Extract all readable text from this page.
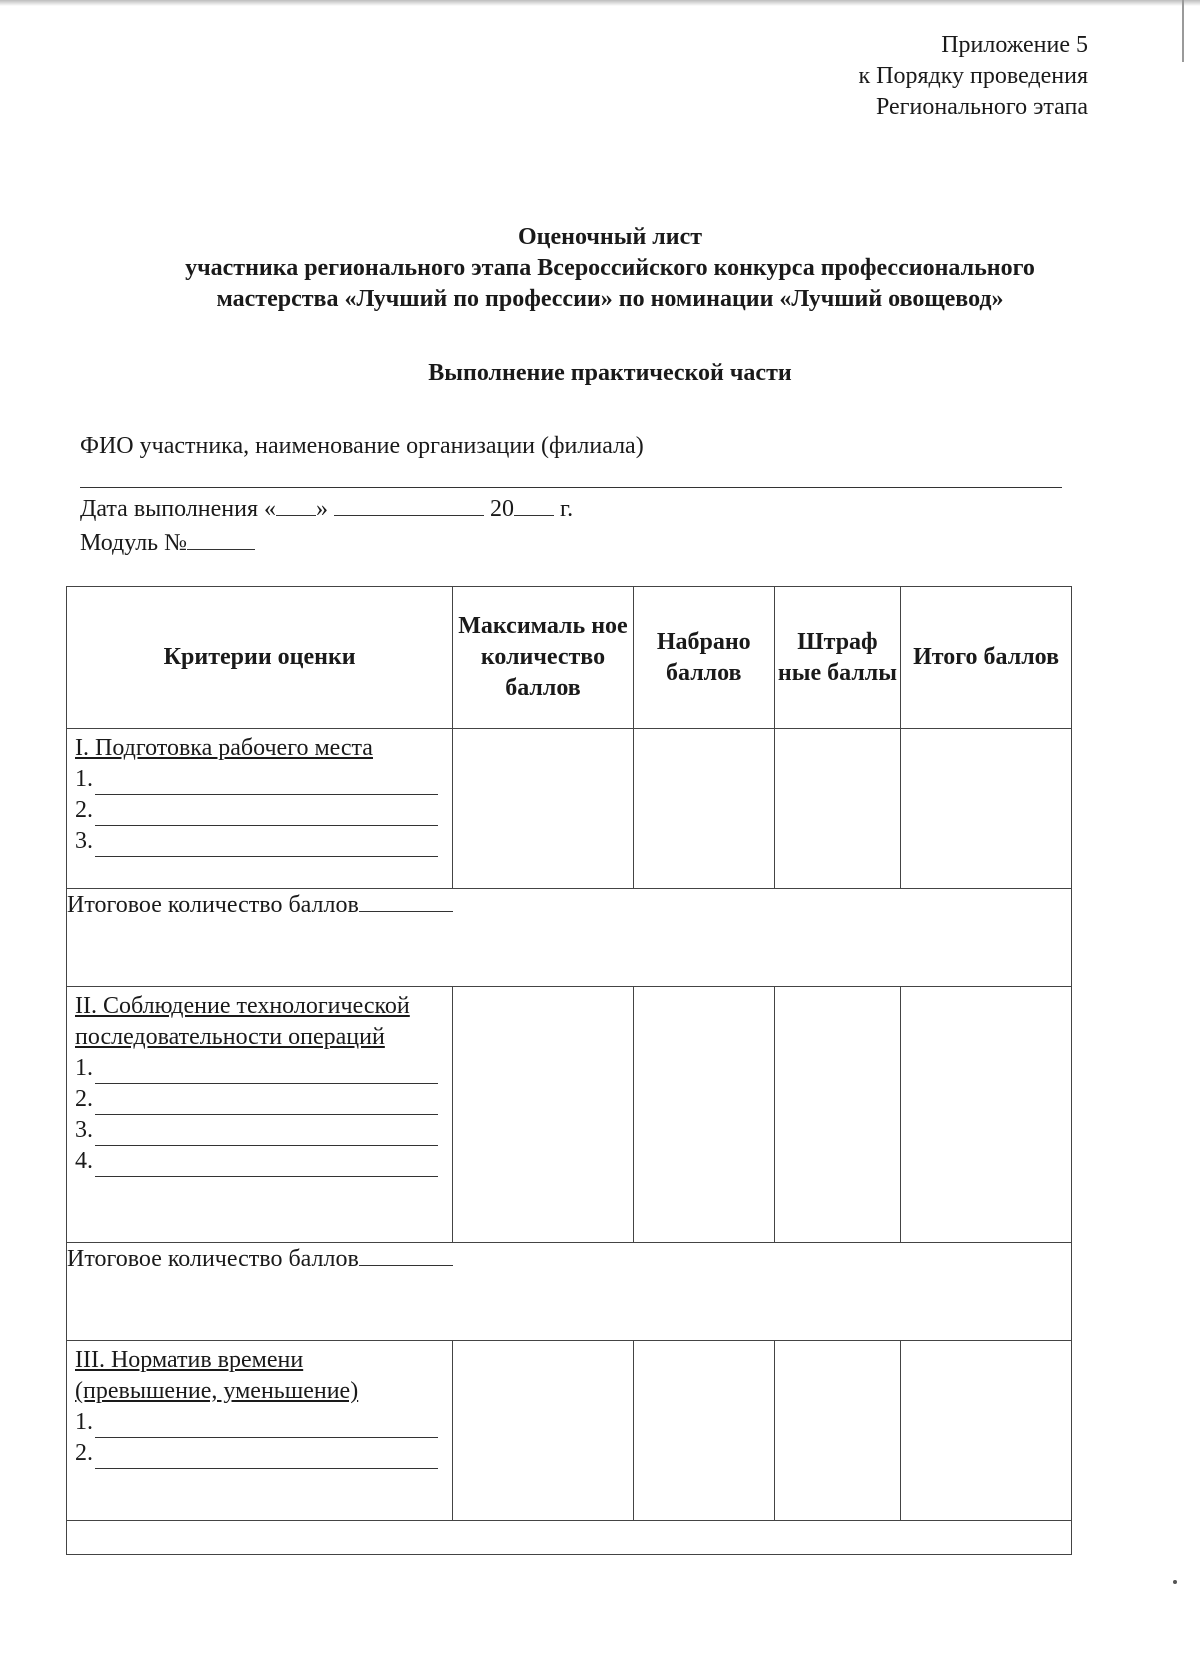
Приложение 5
к Порядку проведения
Регионального этапа
Оценочный лист
участника регионального этапа Всероссийского конкурса профессионального
мастерства «Лучший по профессии» по номинации «Лучший овощевод»
Выполнение практической части
ФИО участника, наименование организации (филиала)
Дата выполнения « »	20 г.
Модуль №
Критерии оценки	Максималь ное количество баллов	Набрано баллов	Штраф ные баллы	Итого баллов

I. Подготовка рабочего места
1.
2.
3.				

Итоговое количество баллов				

II. Соблюдение технологической последовательности операций
1.
2.
3.
4.				

Итоговое количество баллов				

III. Норматив времени (превышение, уменьшение)
1.
2.				
